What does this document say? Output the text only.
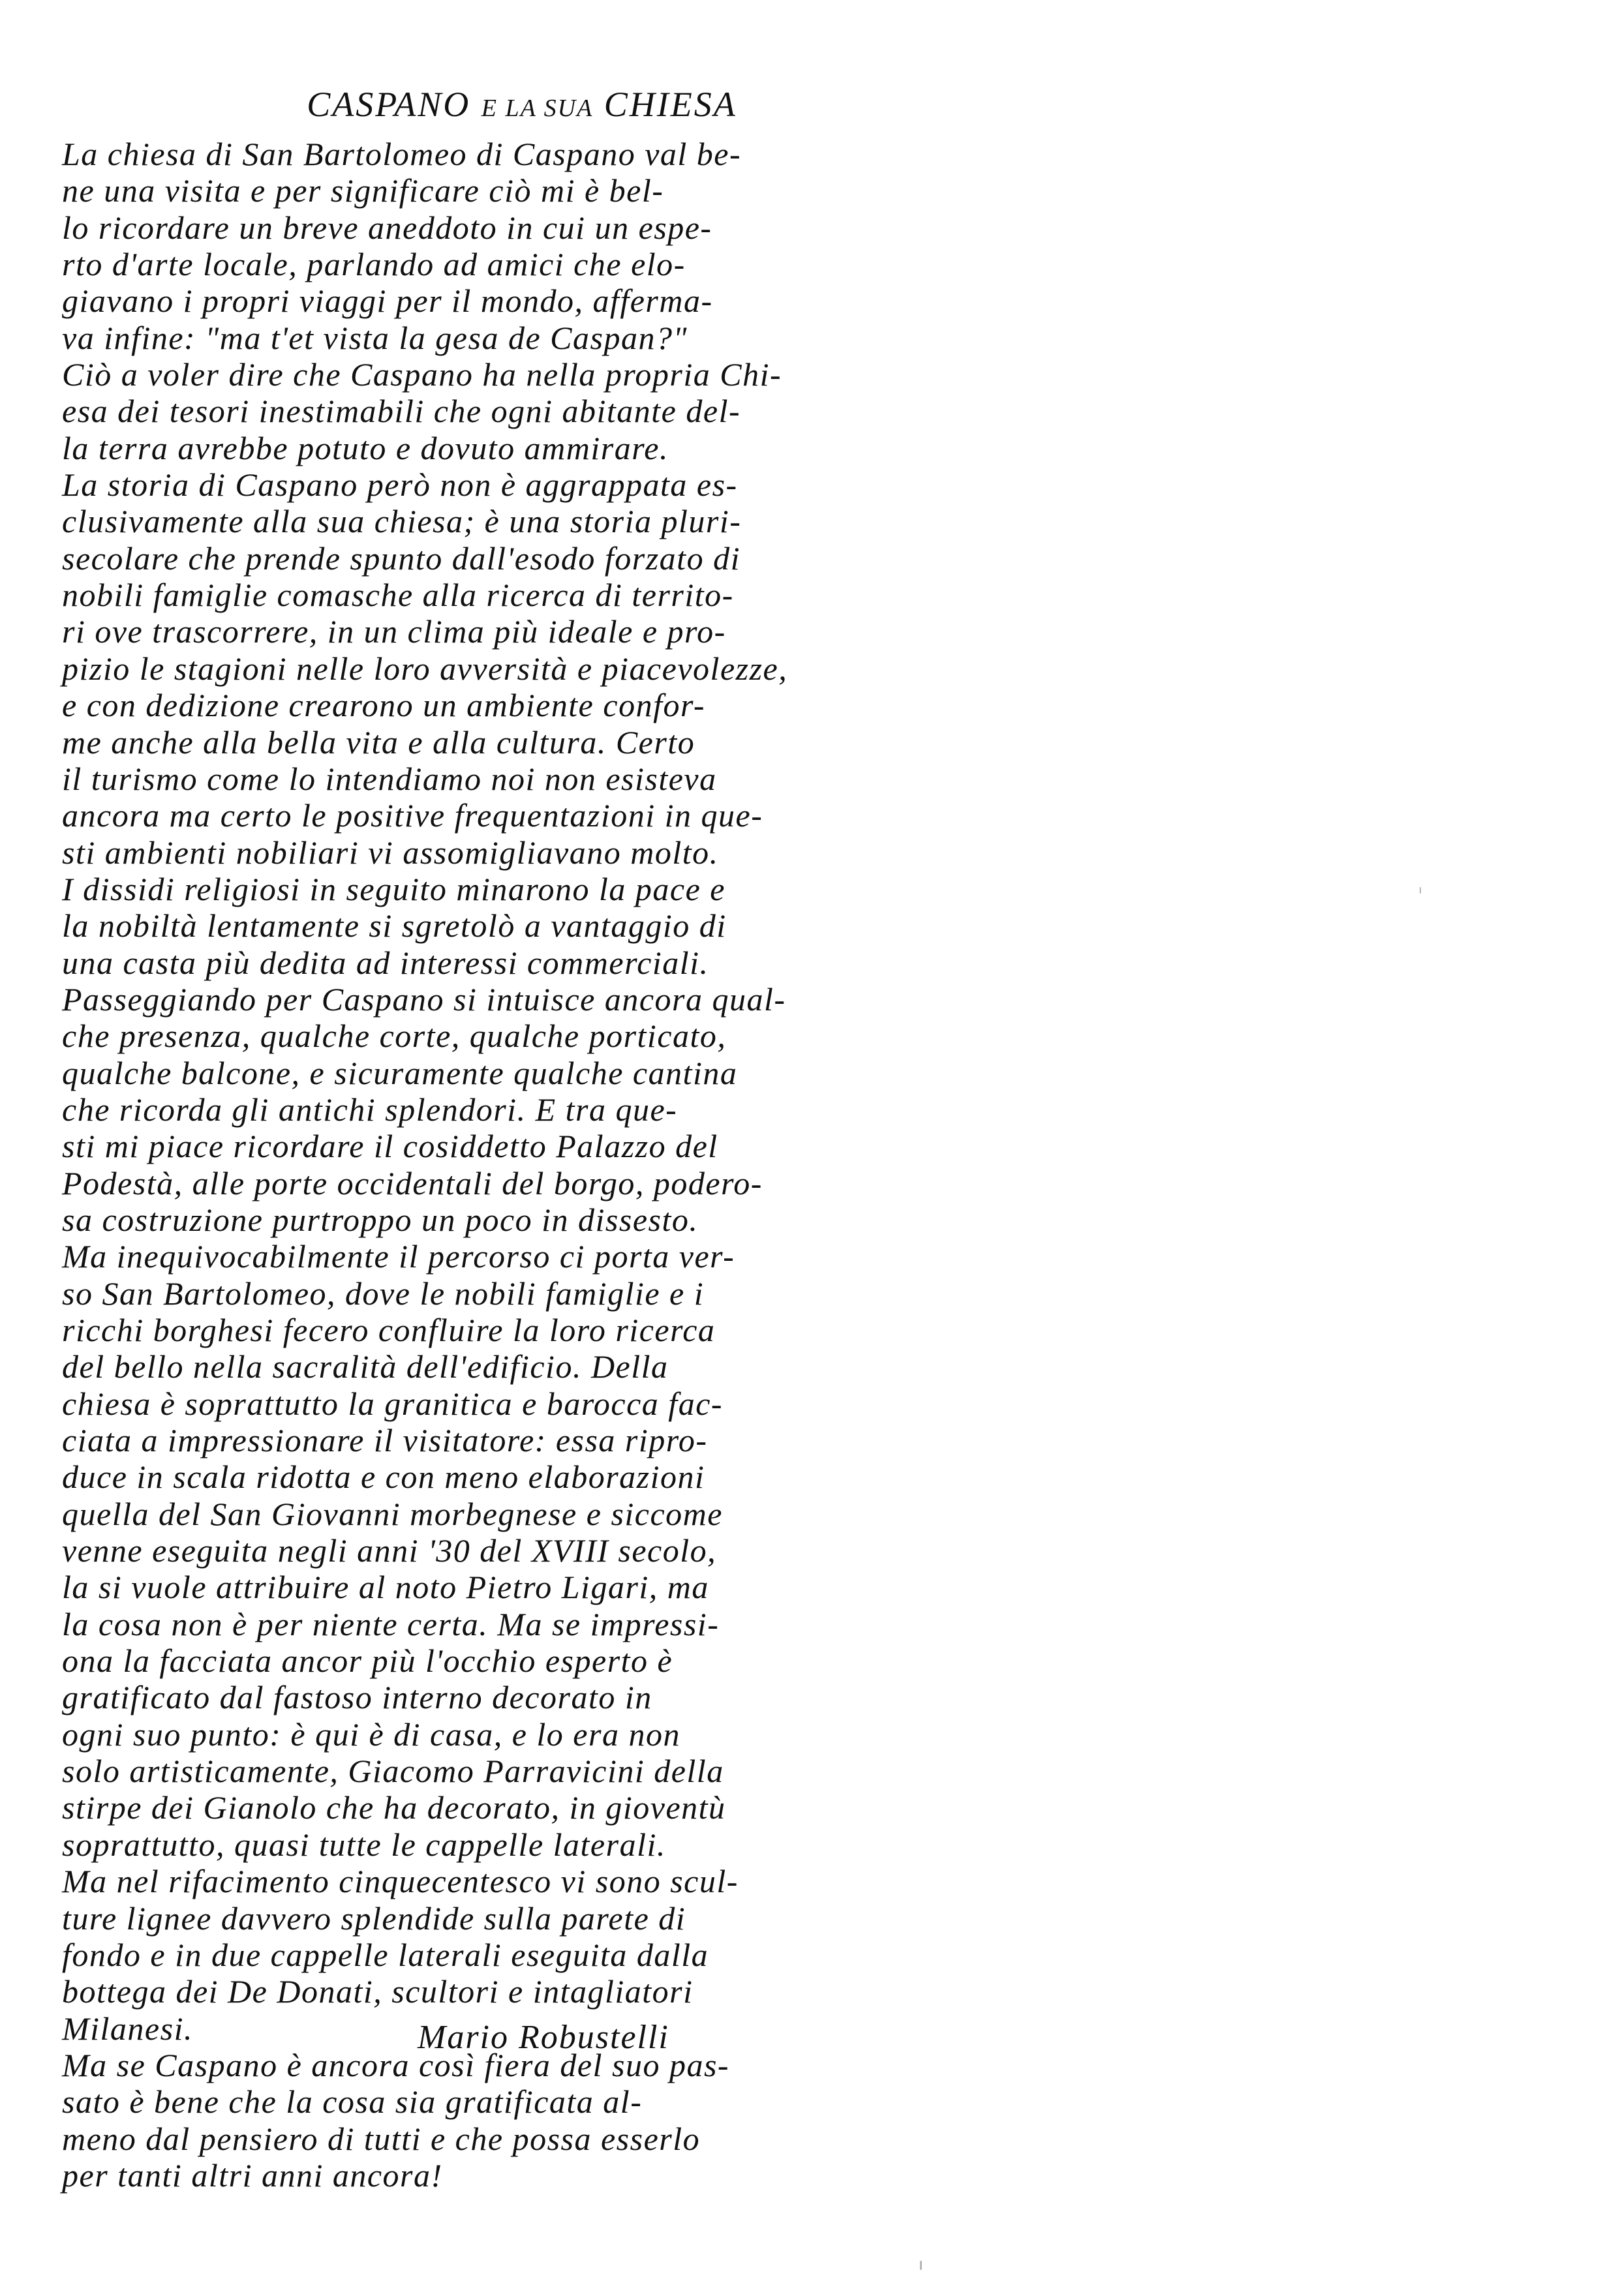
CASPANO E LA SUA CHIESA
La chiesa di San Bartolomeo di Caspano val be-
ne una visita e per significare ciò mi è bel-
lo ricordare un breve aneddoto in cui un espe-
rto d'arte locale, parlando ad amici che elo-
giavano i propri viaggi per il mondo, afferma-
va infine: "ma t'et vista la gesa de Caspan?"
Ciò a voler dire che Caspano ha nella propria Chi-
esa dei tesori inestimabili che ogni abitante del-
la terra avrebbe potuto e dovuto ammirare.
La storia di Caspano però non è aggrappata es-
clusivamente alla sua chiesa; è una storia pluri-
secolare che prende spunto dall'esodo forzato di
nobili famiglie comasche alla ricerca di territo-
ri ove trascorrere, in un clima più ideale e pro-
pizio le stagioni nelle loro avversità e piacevolezze,
e con dedizione crearono un ambiente confor-
me anche alla bella vita e alla cultura. Certo
il turismo come lo intendiamo noi non esisteva
ancora ma certo le positive frequentazioni in que-
sti ambienti nobiliari vi assomigliavano molto.
I dissidi religiosi in seguito minarono la pace e
la nobiltà lentamente si sgretolò a vantaggio di
una casta più dedita ad interessi commerciali.
Passeggiando per Caspano si intuisce ancora qual-
che presenza, qualche corte, qualche porticato,
qualche balcone, e sicuramente qualche cantina
che ricorda gli antichi splendori. E tra que-
sti mi piace ricordare il cosiddetto Palazzo del
Podestà, alle porte occidentali del borgo, podero-
sa costruzione purtroppo un poco in dissesto.
Ma inequivocabilmente il percorso ci porta ver-
so San Bartolomeo, dove le nobili famiglie e i
ricchi borghesi fecero confluire la loro ricerca
del bello nella sacralità dell'edificio. Della
chiesa è soprattutto la granitica e barocca fac-
ciata a impressionare il visitatore: essa ripro-
duce in scala ridotta e con meno elaborazioni
quella del San Giovanni morbegnese e siccome
venne eseguita negli anni '30 del XVIII secolo,
la si vuole attribuire al noto Pietro Ligari, ma
la cosa non è per niente certa. Ma se impressi-
ona la facciata ancor più l'occhio esperto è
gratificato dal fastoso interno decorato in
ogni suo punto: è qui è di casa, e lo era non
solo artisticamente, Giacomo Parravicini della
stirpe dei Gianolo che ha decorato, in gioventù
soprattutto, quasi tutte le cappelle laterali.
Ma nel rifacimento cinquecentesco vi sono scul-
ture lignee davvero splendide sulla parete di
fondo e in due cappelle laterali eseguita dalla
bottega dei De Donati, scultori e intagliatori
Milanesi.
Ma se Caspano è ancora così fiera del suo pas-
sato è bene che la cosa sia gratificata al-
meno dal pensiero di tutti e che possa esserlo
per tanti altri anni ancora!
Mario Robustelli
